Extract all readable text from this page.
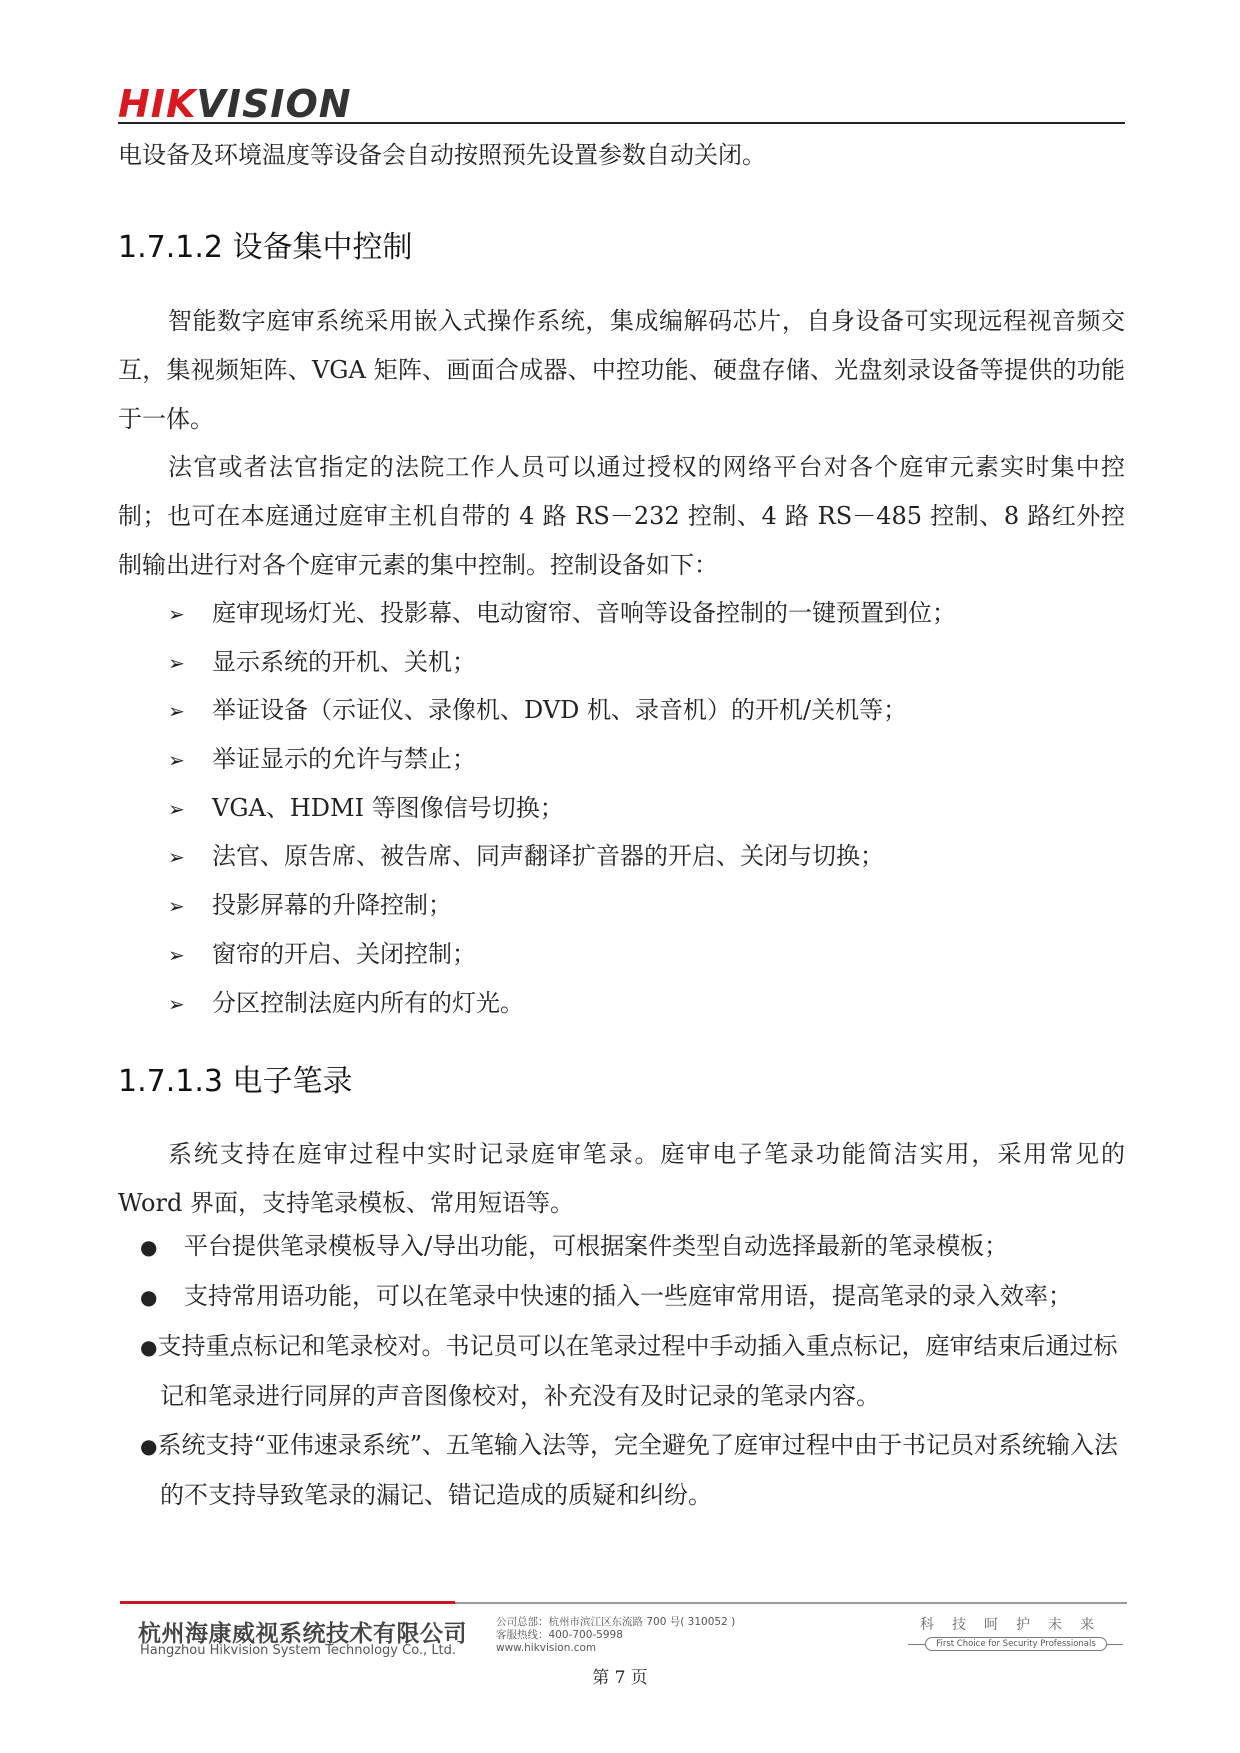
HIKVISION

电设备及环境温度等设备会自动按照预先设置参数自动关闭。

1.7.1.2 设备集中控制

智能数字庭审系统采用嵌入式操作系统，集成编解码芯片，自身设备可实现远程视音频交互，集视频矩阵、VGA 矩阵、画面合成器、中控功能、硬盘存储、光盘刻录设备等提供的功能于一体。

法官或者法官指定的法院工作人员可以通过授权的网络平台对各个庭审元素实时集中控制；也可在本庭通过庭审主机自带的 4 路 RS－232 控制、4 路 RS－485 控制、8 路红外控制输出进行对各个庭审元素的集中控制。控制设备如下：

➢ 庭审现场灯光、投影幕、电动窗帘、音响等设备控制的一键预置到位；
➢ 显示系统的开机、关机；
➢ 举证设备（示证仪、录像机、DVD 机、录音机）的开机/关机等；
➢ 举证显示的允许与禁止；
➢ VGA、HDMI 等图像信号切换；
➢ 法官、原告席、被告席、同声翻译扩音器的开启、关闭与切换；
➢ 投影屏幕的升降控制；
➢ 窗帘的开启、关闭控制；
➢ 分区控制法庭内所有的灯光。
1.7.1.3 电子笔录

系统支持在庭审过程中实时记录庭审笔录。庭审电子笔录功能简洁实用，采用常见的 Word 界面，支持笔录模板、常用短语等。

● 平台提供笔录模板导入/导出功能，可根据案件类型自动选择最新的笔录模板；
● 支持常用语功能，可以在笔录中快速的插入一些庭审常用语，提高笔录的录入效率；
●支持重点标记和笔录校对。书记员可以在笔录过程中手动插入重点标记，庭审结束后通过标记和笔录进行同屏的声音图像校对，补充没有及时记录的笔录内容。
●系统支持“亚伟速录系统”、五笔输入法等，完全避免了庭审过程中由于书记员对系统输入法的不支持导致笔录的漏记、错记造成的质疑和纠纷。
杭州海康威视系统技术有限公司
Hangzhou Hikvision System Technology Co., Ltd.
公司总部：杭州市滨江区东流路 700 号( 310052 )
客服热线：400-700-5998
www.hikvision.com
科技呵护未来
First Choice for Security Professionals
第 7 页
